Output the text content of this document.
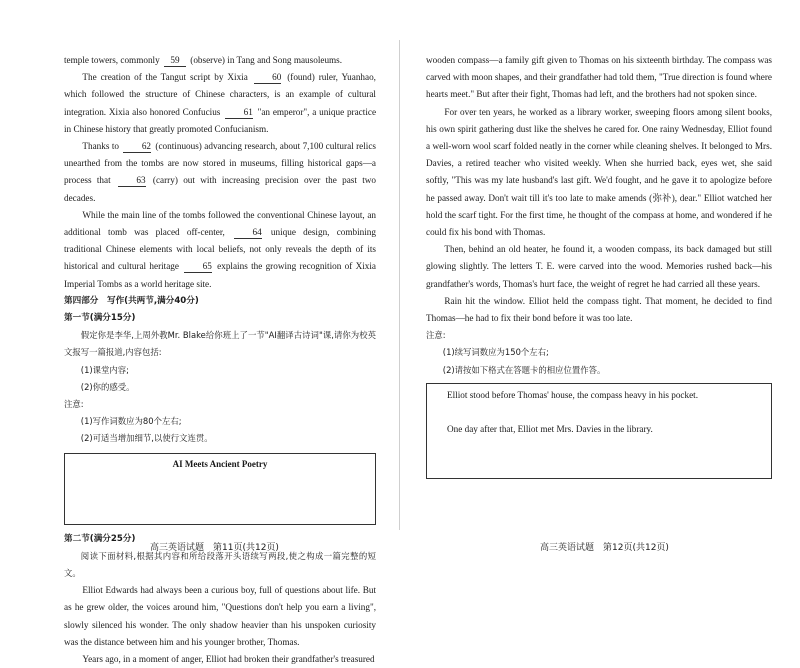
temple towers, commonly 59 (observe) in Tang and Song mausoleums.

The creation of the Tangut script by Xixia	60 (found) ruler, Yuanhao, which followed the structure of Chinese characters, is an example of cultural integration. Xixia also honored Confucius	61 "an emperor", a unique practice in Chinese history that greatly promoted Confucianism.

Thanks to 62 (continuous) advancing research, about 7,100 cultural relics unearthed from the tombs are now stored in museums, filling historical gaps—a process that	63 (carry) out with increasing precision over the past two decades.

While the main line of the tombs followed the conventional Chinese layout, an additional tomb was placed off-center,	64 unique design, combining traditional Chinese elements with local beliefs, not only reveals the depth of its historical and cultural heritage	65 explains the growing recognition of Xixia Imperial Tombs as a world heritage site.

第四部分　写作(共两节,满分40分)

第一节(满分15分)

假定你是李华,上周外教Mr. Blake给你班上了一节"AI翻译古诗词"课,请你为校英文报写一篇报道,内容包括:

(1)课堂内容;

(2)你的感受。

注意:

(1)写作词数应为80个左右;

(2)可适当增加细节,以使行文连贯。

AI Meets Ancient Poetry

第二节(满分25分)

阅读下面材料,根据其内容和所给段落开头语续写两段,使之构成一篇完整的短文。

Elliot Edwards had always been a curious boy, full of questions about life. But as he grew older, the voices around him, "Questions don't help you earn a living", slowly silenced his wonder. The only shadow heavier than his unspoken curiosity was the distance between him and his younger brother, Thomas.

Years ago, in a moment of anger, Elliot had broken their grandfather's treasured

高三英语试题　第11页(共12页)

wooden compass—a family gift given to Thomas on his sixteenth birthday. The compass was carved with moon shapes, and their grandfather had told them, "True direction is found where hearts meet." But after their fight, Thomas had left, and the brothers had not spoken since.

For over ten years, he worked as a library worker, sweeping floors among silent books, his own spirit gathering dust like the shelves he cared for. One rainy Wednesday, Elliot found a well-worn wool scarf folded neatly in the corner while cleaning shelves. It belonged to Mrs. Davies, a retired teacher who visited weekly. When she hurried back, eyes wet, she said softly, "This was my late husband's last gift. We'd fought, and he gave it to apologize before he passed away. Don't wait till it's too late to make amends (弥补), dear." Elliot watched her hold the scarf tight. For the first time, he thought of the compass at home, and wondered if he could fix his bond with Thomas.

Then, behind an old heater, he found it, a wooden compass, its back damaged but still glowing slightly. The letters T. E. were carved into the wood. Memories rushed back—his grandfather's words, Thomas's hurt face, the weight of regret he had carried all these years.

Rain hit the window. Elliot held the compass tight. That moment, he decided to find Thomas—he had to fix their bond before it was too late.

注意:

(1)续写词数应为150个左右;

(2)请按如下格式在答题卡的相应位置作答。

Elliot stood before Thomas' house, the compass heavy in his pocket.

One day after that, Elliot met Mrs. Davies in the library.

高三英语试题　第12页(共12页)
